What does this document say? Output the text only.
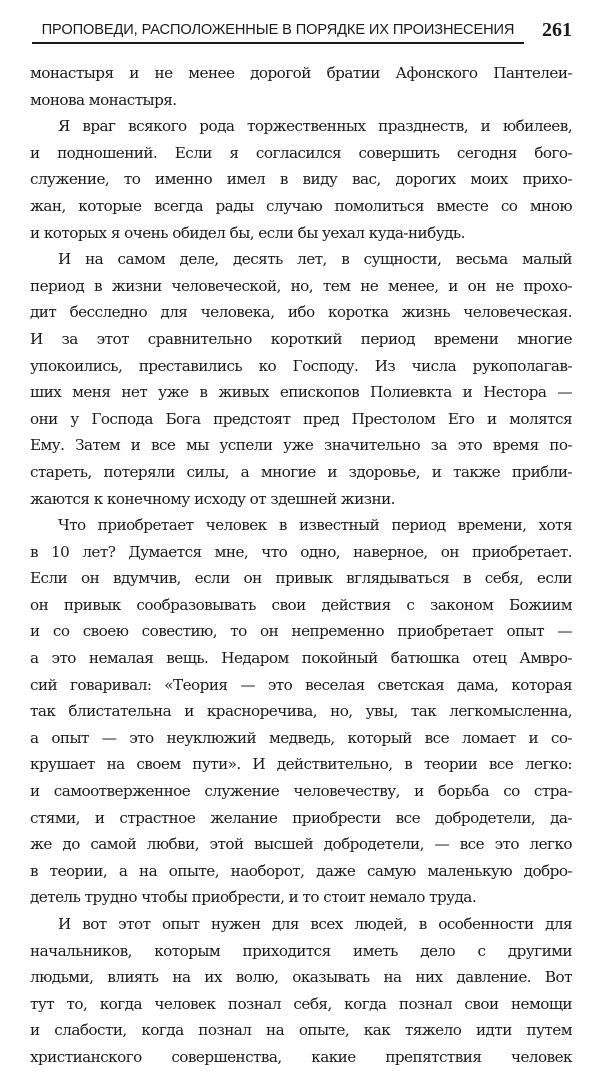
ПРОПОВЕДИ, РАСПОЛОЖЕННЫЕ В ПОРЯДКЕ ИХ ПРОИЗНЕСЕНИЯ	261
монастыря и не менее дорогой братии Афонского Пантелеи-
монова монастыря.
Я враг всякого рода торжественных празднеств, и юбилеев,
и подношений. Если я согласился совершить сегодня бого-
служение, то именно имел в виду вас, дорогих моих прихо-
жан, которые всегда рады случаю помолиться вместе со мною
и которых я очень обидел бы, если бы уехал куда-нибудь.
И на самом деле, десять лет, в сущности, весьма малый
период в жизни человеческой, но, тем не менее, и он не прохо-
дит бесследно для человека, ибо коротка жизнь человеческая.
И за этот сравнительно короткий период времени многие
упокоились, преставились ко Господу. Из числа рукополагав-
ших меня нет уже в живых епископов Полиевкта и Нестора —
они у Господа Бога предстоят пред Престолом Его и молятся
Ему. Затем и все мы успели уже значительно за это время по-
стареть, потеряли силы, а многие и здоровье, и также прибли-
жаются к конечному исходу от здешней жизни.
Что приобретает человек в известный период времени, хотя
в 10 лет? Думается мне, что одно, наверное, он приобретает.
Если он вдумчив, если он привык вглядываться в себя, если
он привык сообразовывать свои действия с законом Божиим
и со своею совестию, то он непременно приобретает опыт —
а это немалая вещь. Недаром покойный батюшка отец Амвро-
сий говаривал: «Теория — это веселая светская дама, которая
так блистательна и красноречива, но, увы, так легкомысленна,
а опыт — это неуклюжий медведь, который все ломает и со-
крушает на своем пути». И действительно, в теории все легко:
и самоотверженное служение человечеству, и борьба со стра-
стями, и страстное желание приобрести все добродетели, да-
же до самой любви, этой высшей добродетели, — все это легко
в теории, а на опыте, наоборот, даже самую маленькую добро-
детель трудно чтобы приобрести, и то стоит немало труда.
И вот этот опыт нужен для всех людей, в особенности для
начальников, которым приходится иметь дело с другими
людьми, влиять на их волю, оказывать на них давление. Вот
тут то, когда человек познал себя, когда познал свои немощи
и слабости, когда познал на опыте, как тяжело идти путем
христианского совершенства, какие препятствия человек
